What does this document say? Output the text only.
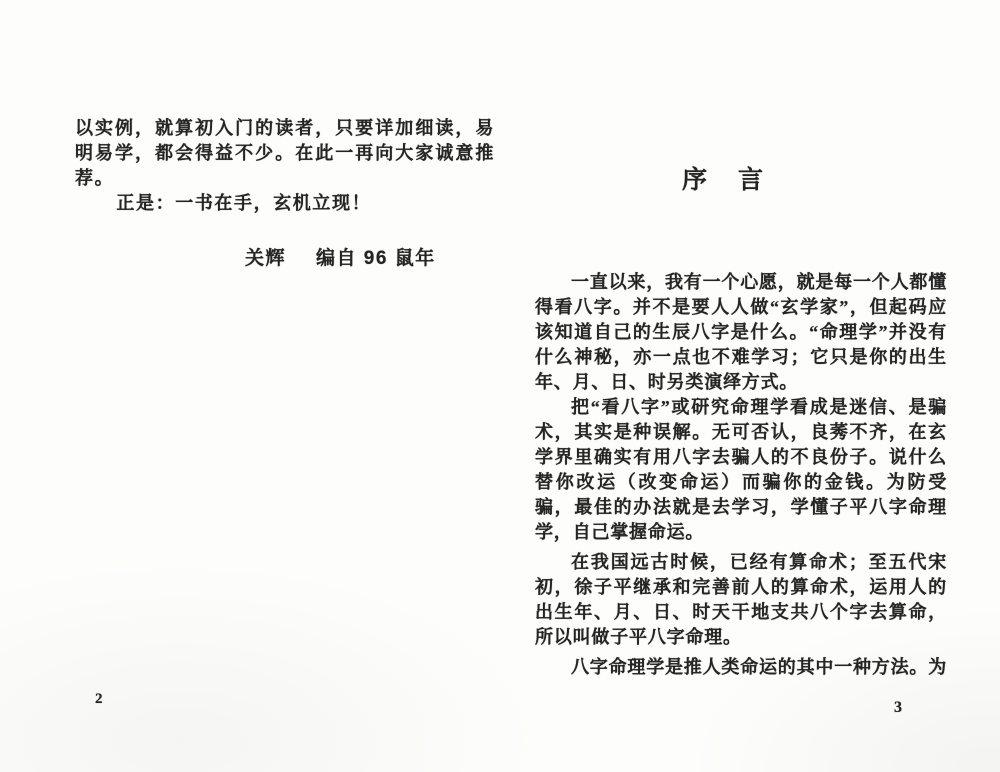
以实例，就算初入门的读者，只要详加细读，易明易学，都会得益不少。在此一再向大家诚意推荐。

正是：一书在手，玄机立现！

关辉 编自 96 鼠年
2
序　言

一直以来，我有一个心愿，就是每一个人都懂得看八字。并不是要人人做“玄学家”，但起码应该知道自己的生辰八字是什么。“命理学”并没有什么神秘，亦一点也不难学习；它只是你的出生年、月、日、时另类演绎方式。

把“看八字”或研究命理学看成是迷信、是骗术，其实是种误解。无可否认，良莠不齐，在玄学界里确实有用八字去骗人的不良份子。说什么替你改运（改变命运）而骗你的金钱。为防受骗，最佳的办法就是去学习，学懂子平八字命理学，自己掌握命运。

在我国远古时候，已经有算命术；至五代宋初，徐子平继承和完善前人的算命术，运用人的出生年、月、日、时天干地支共八个字去算命，所以叫做子平八字命理。

八字命理学是推人类命运的其中一种方法。为

3
